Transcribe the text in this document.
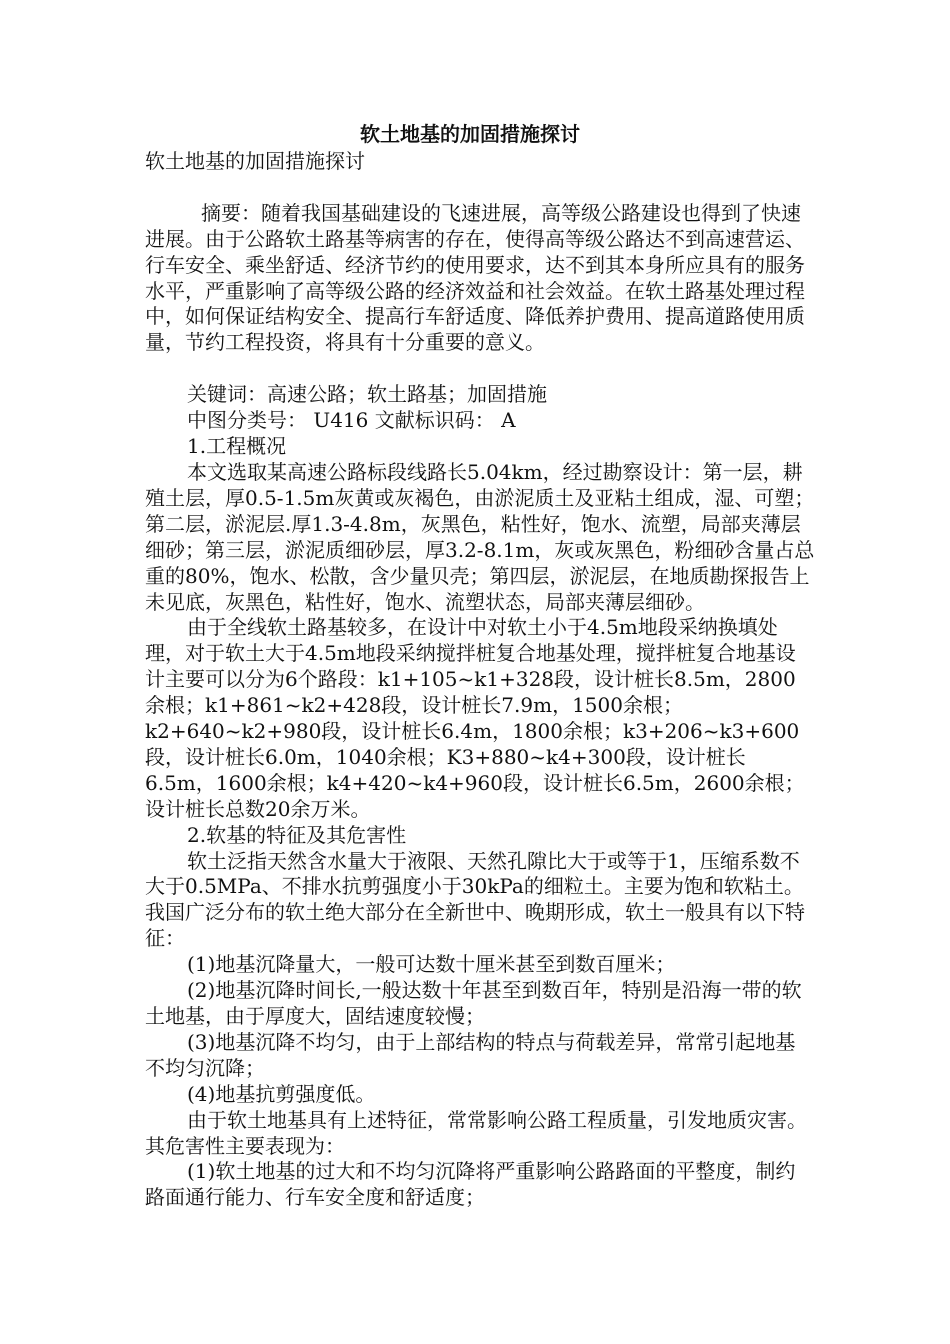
软土地基的加固措施探讨
软土地基的加固措施探讨
摘要：随着我国基础建设的飞速进展，高等级公路建设也得到了快速进展。由于公路软土路基等病害的存在，使得高等级公路达不到高速营运、行车安全、乘坐舒适、经济节约的使用要求，达不到其本身所应具有的服务水平，严重影响了高等级公路的经济效益和社会效益。在软土路基处理过程中，如何保证结构安全、提高行车舒适度、降低养护费用、提高道路使用质量，节约工程投资，将具有十分重要的意义。
关键词：高速公路；软土路基；加固措施
中图分类号： U416 文献标识码： A
1.工程概况
本文选取某高速公路标段线路长5.04km，经过勘察设计：第一层，耕殖土层，厚0.5-1.5m灰黄或灰褐色，由淤泥质土及亚粘土组成，湿、可塑；第二层，淤泥层.厚1.3-4.8m，灰黑色，粘性好，饱水、流塑，局部夹薄层细砂；第三层，淤泥质细砂层，厚3.2-8.1m，灰或灰黑色，粉细砂含量占总重的80%，饱水、松散，含少量贝壳；第四层，淤泥层，在地质勘探报告上未见底，灰黑色，粘性好，饱水、流塑状态，局部夹薄层细砂。
由于全线软土路基较多，在设计中对软土小于4.5m地段采纳换填处理，对于软土大于4.5m地段采纳搅拌桩复合地基处理，搅拌桩复合地基设计主要可以分为6个路段：k1+105~k1+328段，设计桩长8.5m，2800余根；k1+861~k2+428段，设计桩长7.9m，1500余根；k2+640~k2+980段，设计桩长6.4m，1800余根；k3+206~k3+600段，设计桩长6.0m，1040余根；K3+880~k4+300段，设计桩长6.5m，1600余根；k4+420~k4+960段，设计桩长6.5m，2600余根；设计桩长总数20余万米。
2.软基的特征及其危害性
软土泛指天然含水量大于液限、天然孔隙比大于或等于1，压缩系数不大于0.5MPa、不排水抗剪强度小于30kPa的细粒土。主要为饱和软粘土。我国广泛分布的软土绝大部分在全新世中、晚期形成，软土一般具有以下特征：
(1)地基沉降量大，一般可达数十厘米甚至到数百厘米；
(2)地基沉降时间长,一般达数十年甚至到数百年，特别是沿海一带的软土地基，由于厚度大，固结速度较慢；
(3)地基沉降不均匀，由于上部结构的特点与荷载差异，常常引起地基不均匀沉降；
(4)地基抗剪强度低。
由于软土地基具有上述特征，常常影响公路工程质量，引发地质灾害。其危害性主要表现为：
(1)软土地基的过大和不均匀沉降将严重影响公路路面的平整度，制约路面通行能力、行车安全度和舒适度；
